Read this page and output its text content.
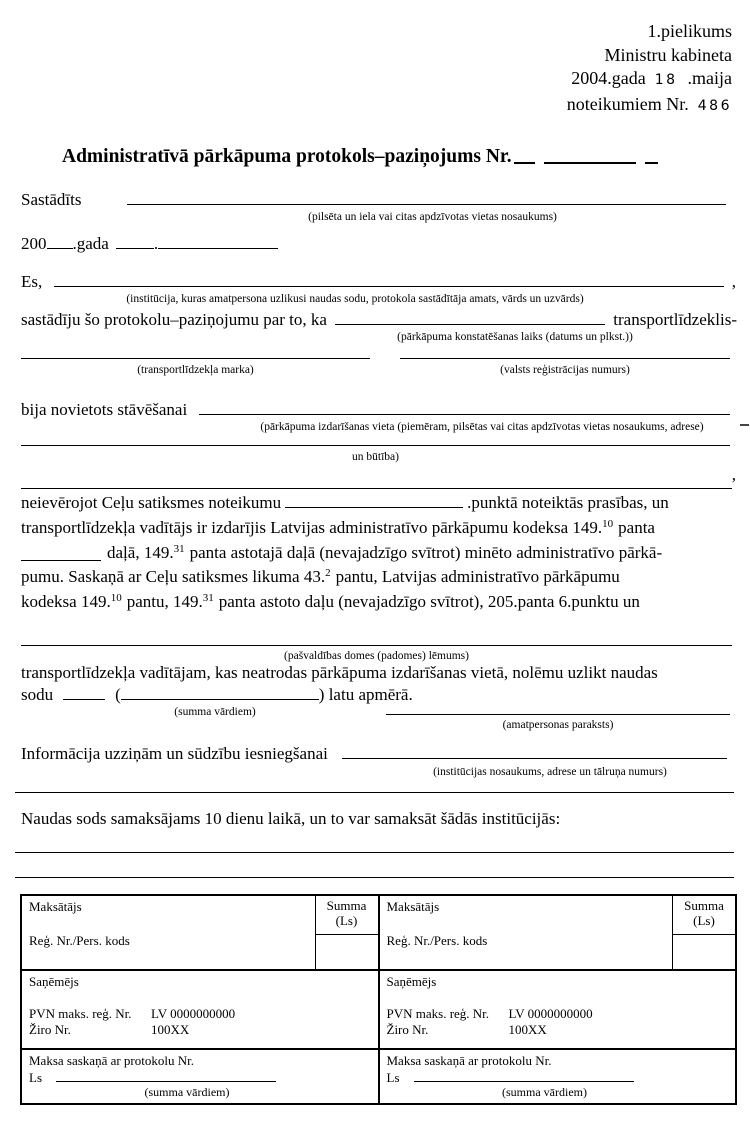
1.pielikums
Ministru kabineta
2004.gada 18 .maija
noteikumiem Nr. 486
Administratīvā pārkāpuma protokols–paziņojums Nr.
Sastādīts
(pilsēta un iela vai citas apdzīvotas vietas nosaukums)
200 .gada	.
Es,	,
(institūcija, kuras amatpersona uzlikusi naudas sodu, protokola sastādītāja amats, vārds un uzvārds)
sastādīju šo protokolu–paziņojumu par to, ka	transportlīdzeklis-
(pārkāpuma konstatēšanas laiks (datums un plkst.))
(transportlīdzekļa marka)	(valsts reģistrācijas numurs)
bija novietots stāvēšanai
(pārkāpuma izdarīšanas vieta (piemēram, pilsētas vai citas apdzīvotas vietas nosaukums, adrese)
un būtība)
,
neievērojot Ceļu satiksmes noteikumu	.punktā noteiktās prasības, un
transportlīdzekļa vadītājs ir izdarījis Latvijas administratīvo pārkāpumu kodeksa 149.10 panta
daļā, 149.31 panta astotajā daļā (nevajadzīgo svītrot) minēto administratīvo pārkā-
pumu. Saskaņā ar Ceļu satiksmes likuma 43.$^2$ pantu, Latvijas administratīvo pārkāpumu
kodeksa 149.10 pantu, 149.31 panta astoto daļu (nevajadzīgo svītrot), 205.panta 6.punktu un
(pašvaldības domes (padomes) lēmums)
transportlīdzekļa vadītājam, kas neatrodas pārkāpuma izdarīšanas vietā, nolēmu uzlikt naudas
sodu	(	) latu apmērā.
(summa vārdiem)
(amatpersonas paraksts)
Informācija uzziņām un sūdzību iesniegšanai
(institūcijas nosaukums, adrese un tālruņa numurs)
Naudas sods samaksājams 10 dienu laikā, un to var samaksāt šādās institūcijās:
Maksātājs
Reģ. Nr./Pers. kods
Summa
(Ls)
Saņēmējs
PVN maks. reģ. Nr.	LV 0000000000
Žiro Nr.	100XX
Maksa saskaņā ar protokolu Nr.
Ls
(summa vārdiem)
Maksātājs
Reģ. Nr./Pers. kods
Summa
(Ls)
Saņēmējs
PVN maks. reģ. Nr.	LV 0000000000
Žiro Nr.	100XX
Maksa saskaņā ar protokolu Nr.
Ls
(summa vārdiem)
